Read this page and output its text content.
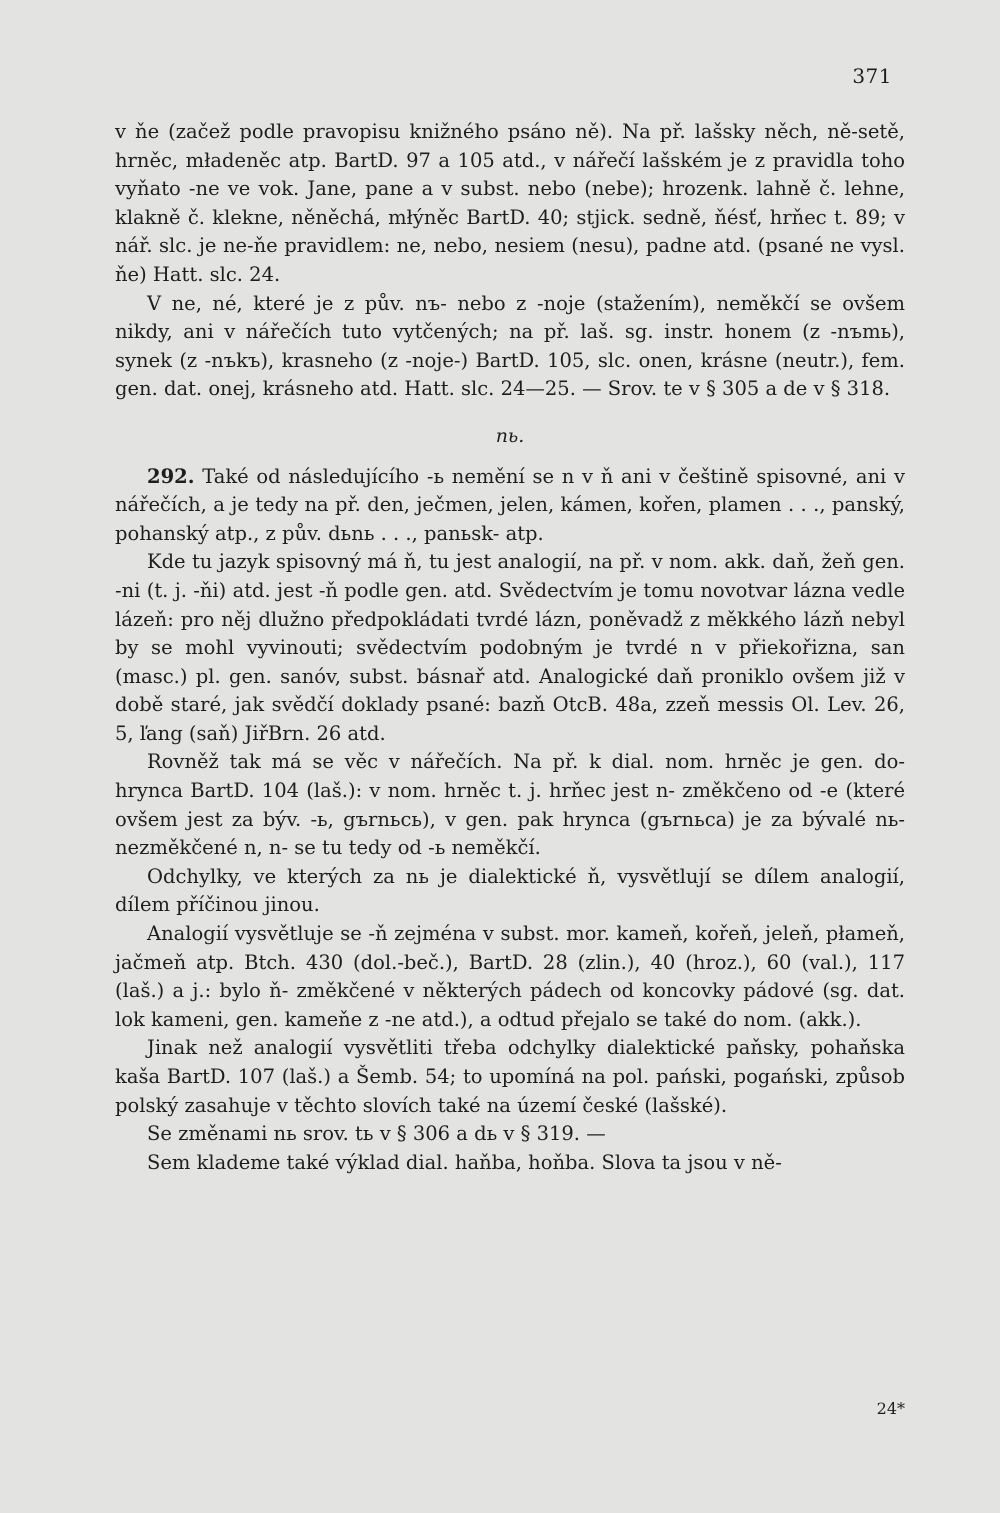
371

v ňe (začež podle pravopisu knižného psáno ně). Na př. lašsky něch, ně-setě, hrněc, mładeněc atp. BartD. 97 a 105 atd., v nářečí lašském je z pravidla toho vyňato -ne ve vok. Jane, pane a v subst. nebo (nebe); hrozenk. lahně č. lehne, klakně č. klekne, něněchá, młýněc BartD. 40; stjick. sedně, ňésť, hrňec t. 89; v nář. slc. je ne-ňe pravidlem: ne, nebo, nesiem (nesu), padne atd. (psané ne vysl. ňe) Hatt. slc. 24.

V ne, né, které je z pův. nъ- nebo z -noje (stažením), neměkčí se ovšem nikdy, ani v nářečích tuto vytčených; na př. laš. sg. instr. honem (z -nъmь), synek (z -nъkъ), krasneho (z -noje-) BartD. 105, slc. onen, krásne (neutr.), fem. gen. dat. onej, krásneho atd. Hatt. slc. 24—25. — Srov. te v § 305 a de v § 318.

nь.

292. Také od následujícího -ь nemění se n v ň ani v češtině spisovné, ani v nářečích, a je tedy na př. den, ječmen, jelen, kámen, kořen, plamen . . ., panský, pohanský atp., z pův. dьnь . . ., panьsk- atp.

Kde tu jazyk spisovný má ň, tu jest analogií, na př. v nom. akk. daň, žeň gen. -ni (t. j. -ňi) atd. jest -ň podle gen. atd. Svědectvím je tomu novotvar lázna vedle lázeň: pro něj dlužno předpokládati tvrdé lázn, poněvadž z měkkého lázň nebyl by se mohl vyvinouti; svědectvím podobným je tvrdé n v přiekořizna, san (masc.) pl. gen. sanóv, subst. básnař atd. Analogické daň proniklo ovšem již v době staré, jak svědčí doklady psané: bazň OtcB. 48a, zzeň messis Ol. Lev. 26, 5, ľang (saň) JiřBrn. 26 atd.

Rovněž tak má se věc v nářečích. Na př. k dial. nom. hrněc je gen. do-hrynca BartD. 104 (laš.): v nom. hrněc t. j. hrňec jest n- změkčeno od -e (které ovšem jest za býv. -ь, gъrnьcь), v gen. pak hrynca (gъrnьca) je za bývalé nь- nezměkčené n, n- se tu tedy od -ь neměkčí.

Odchylky, ve kterých za nь je dialektické ň, vysvětlují se dílem analogií, dílem příčinou jinou.

Analogií vysvětluje se -ň zejména v subst. mor. kameň, kořeň, jeleň, płameň, jačmeň atp. Btch. 430 (dol.-beč.), BartD. 28 (zlin.), 40 (hroz.), 60 (val.), 117 (laš.) a j.: bylo ň- změkčené v některých pádech od koncovky pádové (sg. dat. lok kameni, gen. kameňe z -ne atd.), a odtud přejalo se také do nom. (akk.).

Jinak než analogií vysvětliti třeba odchylky dialektické paňsky, pohaňska kaša BartD. 107 (laš.) a Šemb. 54; to upomíná na pol. pański, pogański, způsob polský zasahuje v těchto slovích také na území české (lašské).

Se změnami nь srov. tь v § 306 a dь v § 319. —

Sem klademe také výklad dial. haňba, hoňba. Slova ta jsou v ně-

24*
